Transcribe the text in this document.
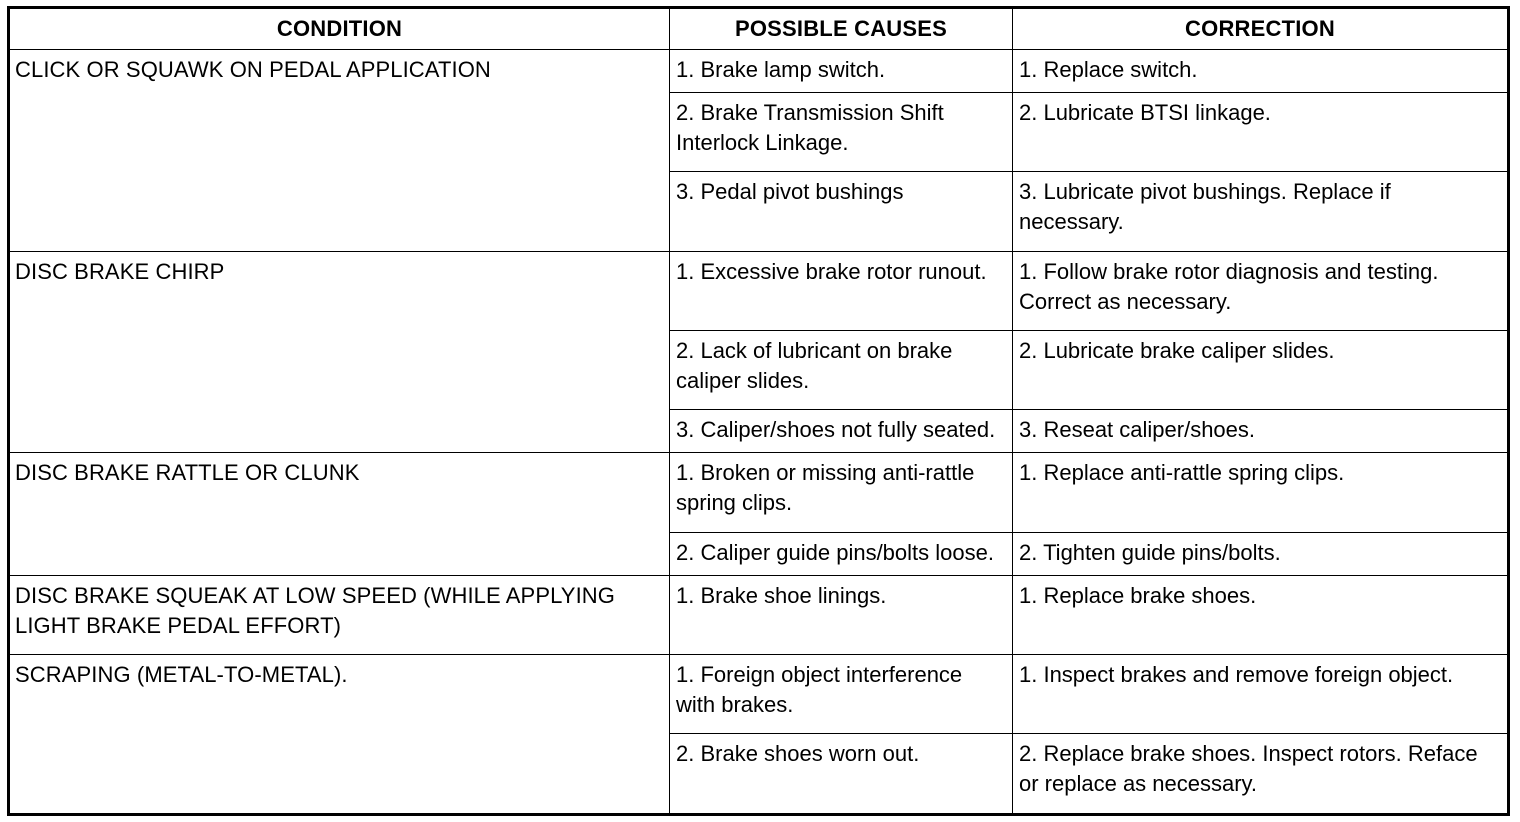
CONDITION	POSSIBLE CAUSES	CORRECTION
CLICK OR SQUAWK ON PEDAL APPLICATION	1. Brake lamp switch.	1. Replace switch.
	2. Brake Transmission Shift Interlock Linkage.	2. Lubricate BTSI linkage.
	3. Pedal pivot bushings	3. Lubricate pivot bushings. Replace if necessary.
DISC BRAKE CHIRP	1. Excessive brake rotor runout.	1. Follow brake rotor diagnosis and testing. Correct as necessary.
	2. Lack of lubricant on brake caliper slides.	2. Lubricate brake caliper slides.
	3. Caliper/shoes not fully seated.	3. Reseat caliper/shoes.
DISC BRAKE RATTLE OR CLUNK	1. Broken or missing anti-rattle spring clips.	1. Replace anti-rattle spring clips.
	2. Caliper guide pins/bolts loose.	2. Tighten guide pins/bolts.
DISC BRAKE SQUEAK AT LOW SPEED (WHILE APPLYING LIGHT BRAKE PEDAL EFFORT)	1. Brake shoe linings.	1. Replace brake shoes.
SCRAPING (METAL-TO-METAL).	1. Foreign object interference with brakes.	1. Inspect brakes and remove foreign object.
	2. Brake shoes worn out.	2. Replace brake shoes. Inspect rotors. Reface or replace as necessary.
